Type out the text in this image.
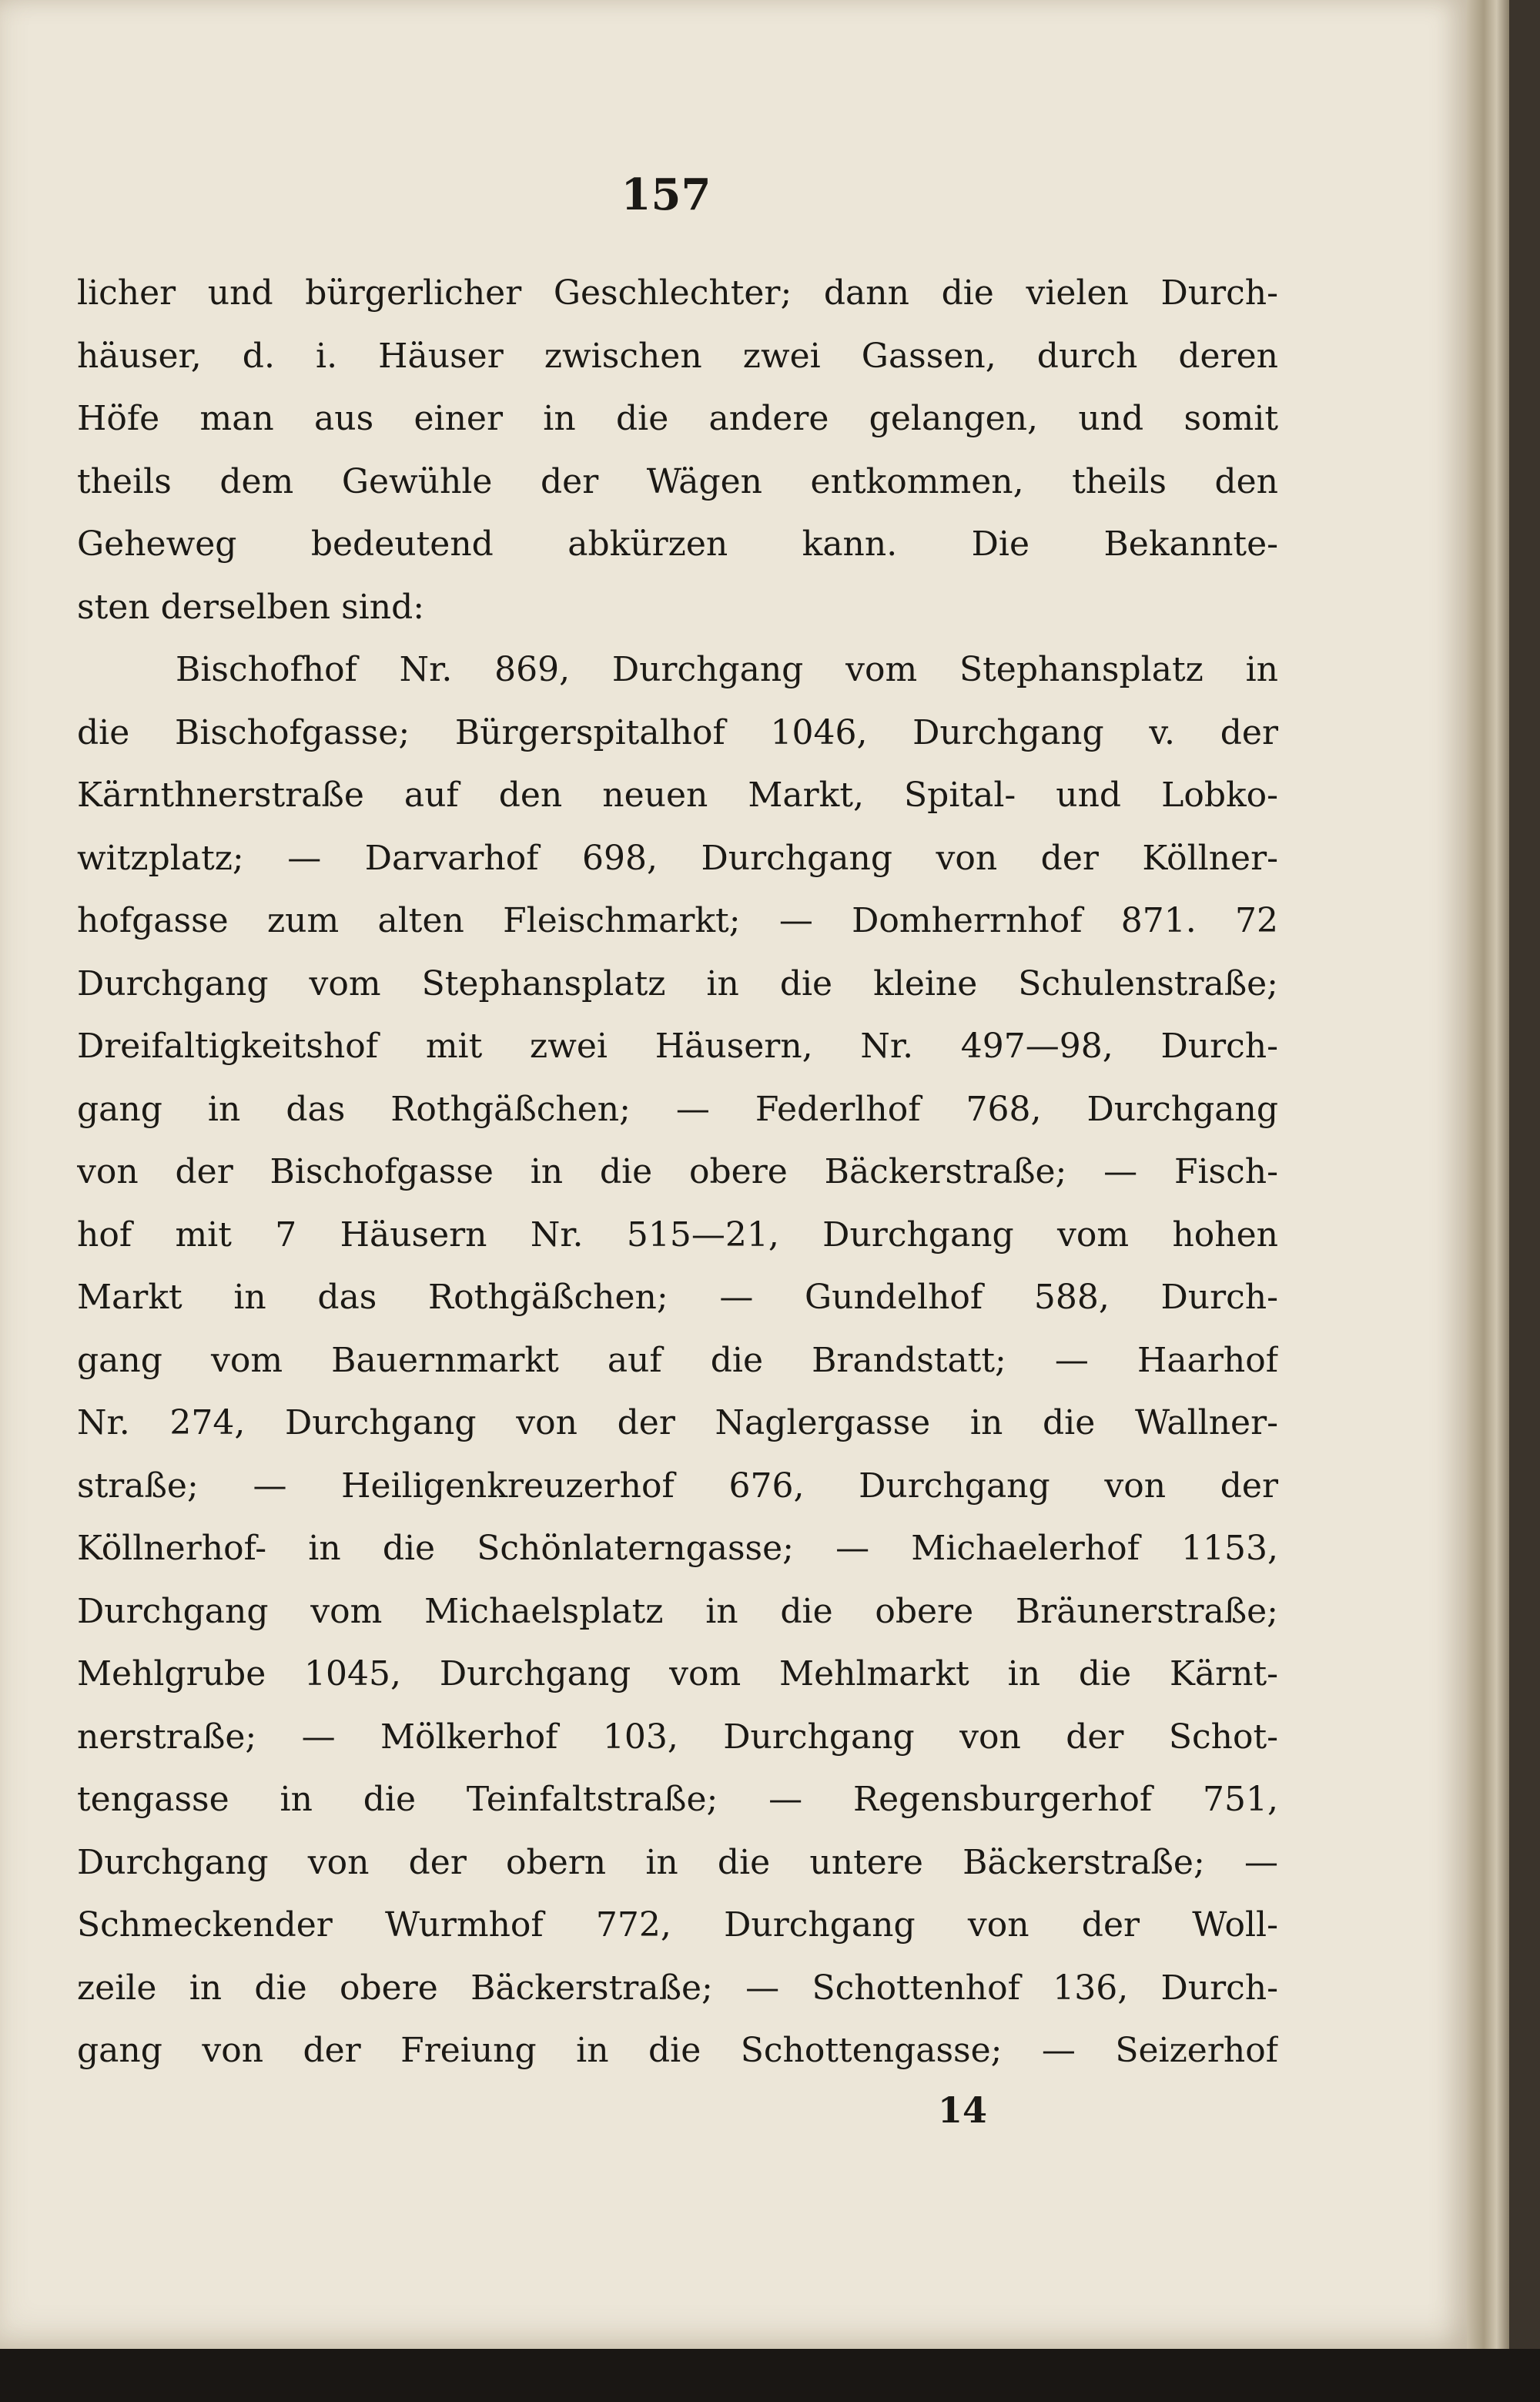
157
licher und bürgerlicher Geschlechter; dann die vielen Durch-
häuser, d. i. Häuser zwischen zwei Gassen, durch deren
Höfe man aus einer in die andere gelangen, und somit
theils dem Gewühle der Wägen entkommen, theils den
Geheweg bedeutend abkürzen kann. Die Bekannte-
sten derselben sind:
Bischofhof Nr. 869, Durchgang vom Stephansplatz in
die Bischofgasse; Bürgerspitalhof 1046, Durchgang v. der
Kärnthnerstraße auf den neuen Markt, Spital- und Lobko-
witzplatz; — Darvarhof 698, Durchgang von der Köllner-
hofgasse zum alten Fleischmarkt; — Domherrnhof 871. 72
Durchgang vom Stephansplatz in die kleine Schulenstraße;
Dreifaltigkeitshof mit zwei Häusern, Nr. 497—98, Durch-
gang in das Rothgäßchen; — Federlhof 768, Durchgang
von der Bischofgasse in die obere Bäckerstraße; — Fisch-
hof mit 7 Häusern Nr. 515—21, Durchgang vom hohen
Markt in das Rothgäßchen; — Gundelhof 588, Durch-
gang vom Bauernmarkt auf die Brandstatt; — Haarhof
Nr. 274, Durchgang von der Naglergasse in die Wallner-
straße; — Heiligenkreuzerhof 676, Durchgang von der
Köllnerhof- in die Schönlaterngasse; — Michaelerhof 1153,
Durchgang vom Michaelsplatz in die obere Bräunerstraße;
Mehlgrube 1045, Durchgang vom Mehlmarkt in die Kärnt-
nerstraße; — Mölkerhof 103, Durchgang von der Schot-
tengasse in die Teinfaltstraße; — Regensburgerhof 751,
Durchgang von der obern in die untere Bäckerstraße; —
Schmeckender Wurmhof 772, Durchgang von der Woll-
zeile in die obere Bäckerstraße; — Schottenhof 136, Durch-
gang von der Freiung in die Schottengasse; — Seizerhof
14
